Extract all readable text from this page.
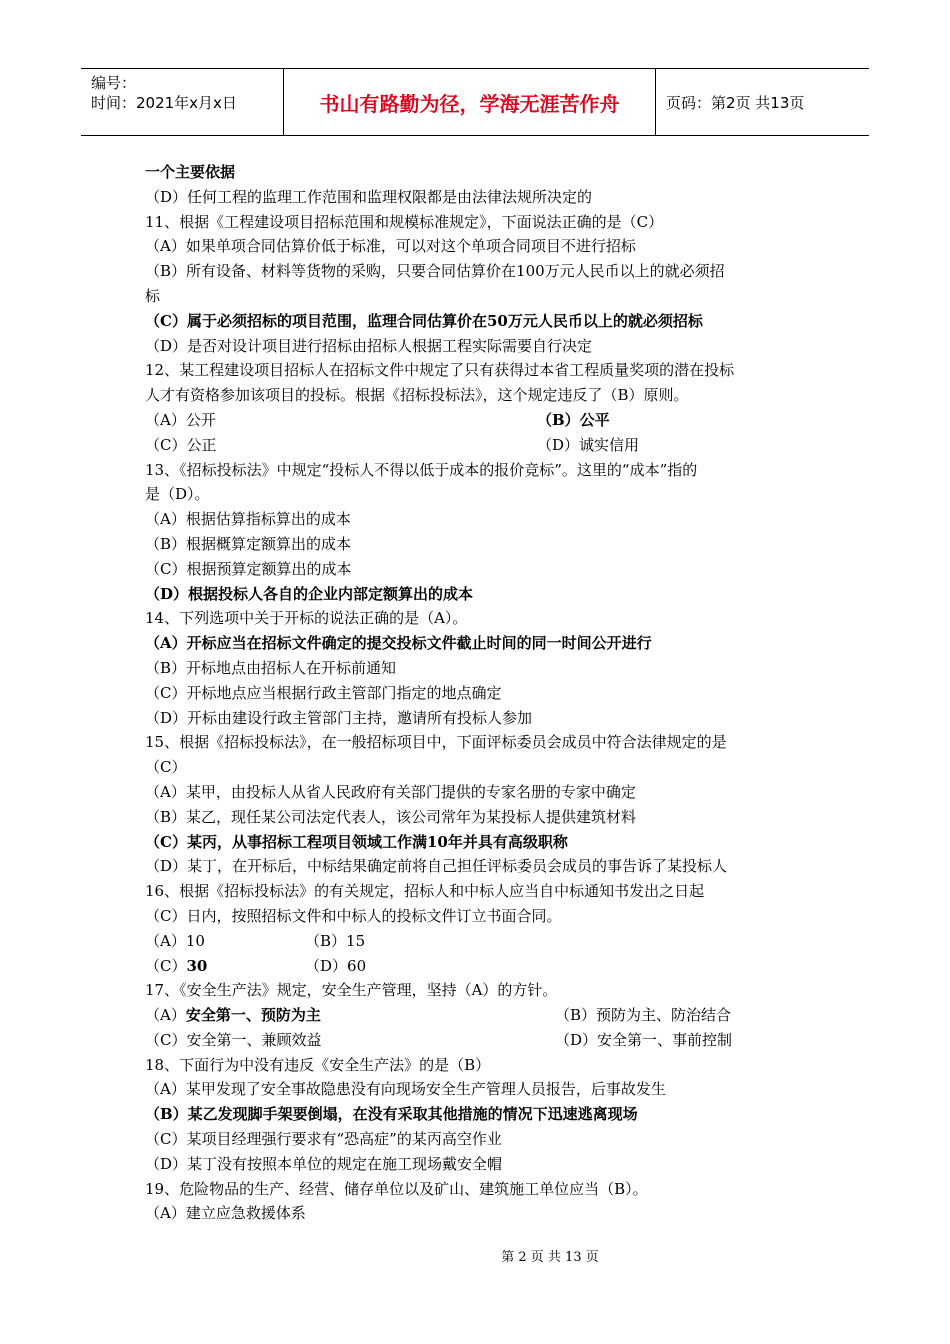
编号：
时间：2021年x月x日	书山有路勤为径，学海无涯苦作舟	页码：第2页 共13页
一个主要依据
（D）任何工程的监理工作范围和监理权限都是由法律法规所决定的
11、根据《工程建设项目招标范围和规模标准规定》，下面说法正确的是（C）
（A）如果单项合同估算价低于标准，可以对这个单项合同项目不进行招标
（B）所有设备、材料等货物的采购，只要合同估算价在100万元人民币以上的就必须招
标
（C）属于必须招标的项目范围，监理合同估算价在50万元人民币以上的就必须招标
（D）是否对设计项目进行招标由招标人根据工程实际需要自行决定
12、某工程建设项目招标人在招标文件中规定了只有获得过本省工程质量奖项的潜在投标
人才有资格参加该项目的投标。根据《招标投标法》，这个规定违反了（B）原则。
（A）公开	（B）公平
（C）公正	（D）诚实信用
13、《招标投标法》中规定“投标人不得以低于成本的报价竞标”。这里的“成本”指的
是（D）。
（A）根据估算指标算出的成本
（B）根据概算定额算出的成本
（C）根据预算定额算出的成本
（D）根据投标人各自的企业内部定额算出的成本
14、下列选项中关于开标的说法正确的是（A）。
（A）开标应当在招标文件确定的提交投标文件截止时间的同一时间公开进行
（B）开标地点由招标人在开标前通知
（C）开标地点应当根据行政主管部门指定的地点确定
（D）开标由建设行政主管部门主持，邀请所有投标人参加
15、根据《招标投标法》，在一般招标项目中，下面评标委员会成员中符合法律规定的是
（C）
（A）某甲，由投标人从省人民政府有关部门提供的专家名册的专家中确定
（B）某乙，现任某公司法定代表人，该公司常年为某投标人提供建筑材料
（C）某丙，从事招标工程项目领域工作满10年并具有高级职称
（D）某丁，在开标后，中标结果确定前将自己担任评标委员会成员的事告诉了某投标人
16、根据《招标投标法》的有关规定，招标人和中标人应当自中标通知书发出之日起
（C）日内，按照招标文件和中标人的投标文件订立书面合同。
（A）10	（B）15
（C）30	（D）60
17、《安全生产法》规定，安全生产管理，坚持（A）的方针。
（A）安全第一、预防为主	（B）预防为主、防治结合
（C）安全第一、兼顾效益	（D）安全第一、事前控制
18、下面行为中没有违反《安全生产法》的是（B）
（A）某甲发现了安全事故隐患没有向现场安全生产管理人员报告，后事故发生
（B）某乙发现脚手架要倒塌，在没有采取其他措施的情况下迅速逃离现场
（C）某项目经理强行要求有“恐高症”的某丙高空作业
（D）某丁没有按照本单位的规定在施工现场戴安全帽
19、危险物品的生产、经营、储存单位以及矿山、建筑施工单位应当（B）。
（A）建立应急救援体系
第 2 页 共 13 页
